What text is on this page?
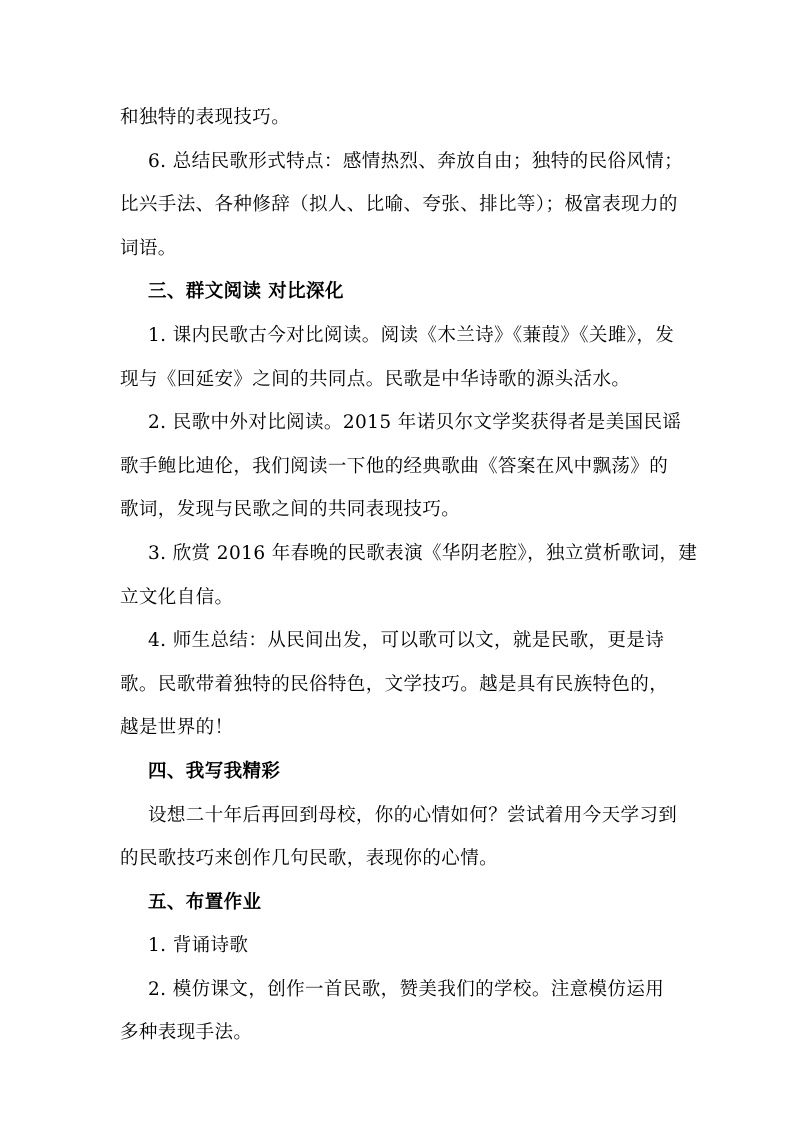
和独特的表现技巧。

6. 总结民歌形式特点：感情热烈、奔放自由；独特的民俗风情；

比兴手法、各种修辞（拟人、比喻、夸张、排比等）；极富表现力的

词语。

三、群文阅读 对比深化

1. 课内民歌古今对比阅读。阅读《木兰诗》《蒹葭》《关雎》，发

现与《回延安》之间的共同点。民歌是中华诗歌的源头活水。

2. 民歌中外对比阅读。2015 年诺贝尔文学奖获得者是美国民谣

歌手鲍比迪伦，我们阅读一下他的经典歌曲《答案在风中飘荡》的

歌词，发现与民歌之间的共同表现技巧。

3. 欣赏 2016 年春晚的民歌表演《华阴老腔》，独立赏析歌词，建

立文化自信。

4. 师生总结：从民间出发，可以歌可以文，就是民歌，更是诗

歌。民歌带着独特的民俗特色，文学技巧。越是具有民族特色的，

越是世界的！

四、我写我精彩

设想二十年后再回到母校，你的心情如何？尝试着用今天学习到

的民歌技巧来创作几句民歌，表现你的心情。

五、布置作业

1. 背诵诗歌

2. 模仿课文，创作一首民歌，赞美我们的学校。注意模仿运用

多种表现手法。
